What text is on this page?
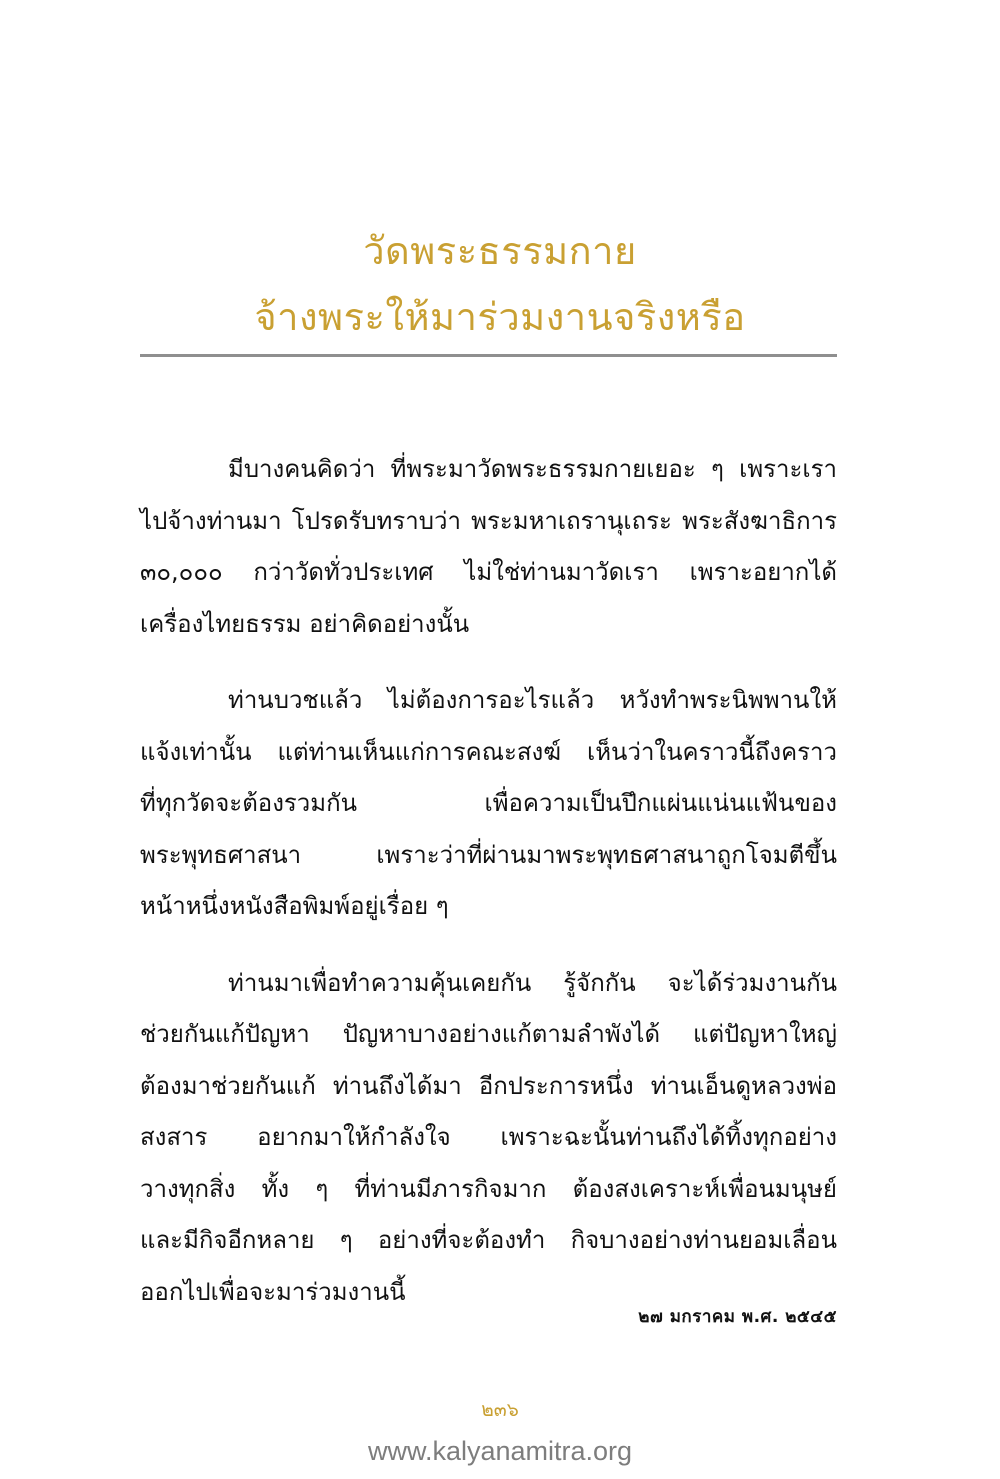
วัดพระธรรมกาย

จ้างพระให้มาร่วมงานจริงหรือ

มีบางคนคิดว่า ที่พระมาวัดพระธรรมกายเยอะ ๆ เพราะเรา
ไปจ้างท่านมา โปรดรับทราบว่า พระมหาเถรานุเถระ พระสังฆาธิการ
๓๐,๐๐๐ กว่าวัดทั่วประเทศ ไม่ใช่ท่านมาวัดเรา เพราะอยากได้
เครื่องไทยธรรม อย่าคิดอย่างนั้น

ท่านบวชแล้ว ไม่ต้องการอะไรแล้ว หวังทำพระนิพพานให้
แจ้งเท่านั้น แต่ท่านเห็นแก่การคณะสงฆ์ เห็นว่าในคราวนี้ถึงคราว
ที่ทุกวัดจะต้องรวมกัน เพื่อความเป็นปึกแผ่นแน่นแฟ้นของ
พระพุทธศาสนา เพราะว่าที่ผ่านมาพระพุทธศาสนาถูกโจมตีขึ้น
หน้าหนึ่งหนังสือพิมพ์อยู่เรื่อย ๆ

ท่านมาเพื่อทำความคุ้นเคยกัน รู้จักกัน จะได้ร่วมงานกัน
ช่วยกันแก้ปัญหา ปัญหาบางอย่างแก้ตามลำพังได้ แต่ปัญหาใหญ่
ต้องมาช่วยกันแก้ ท่านถึงได้มา อีกประการหนึ่ง ท่านเอ็นดูหลวงพ่อ
สงสาร อยากมาให้กำลังใจ เพราะฉะนั้นท่านถึงได้ทิ้งทุกอย่าง
วางทุกสิ่ง ทั้ง ๆ ที่ท่านมีภารกิจมาก ต้องสงเคราะห์เพื่อนมนุษย์
และมีกิจอีกหลาย ๆ อย่างที่จะต้องทำ กิจบางอย่างท่านยอมเลื่อน
ออกไปเพื่อจะมาร่วมงานนี้

๒๗ มกราคม พ.ศ. ๒๕๔๕
๒๓๖
www.kalyanamitra.org
